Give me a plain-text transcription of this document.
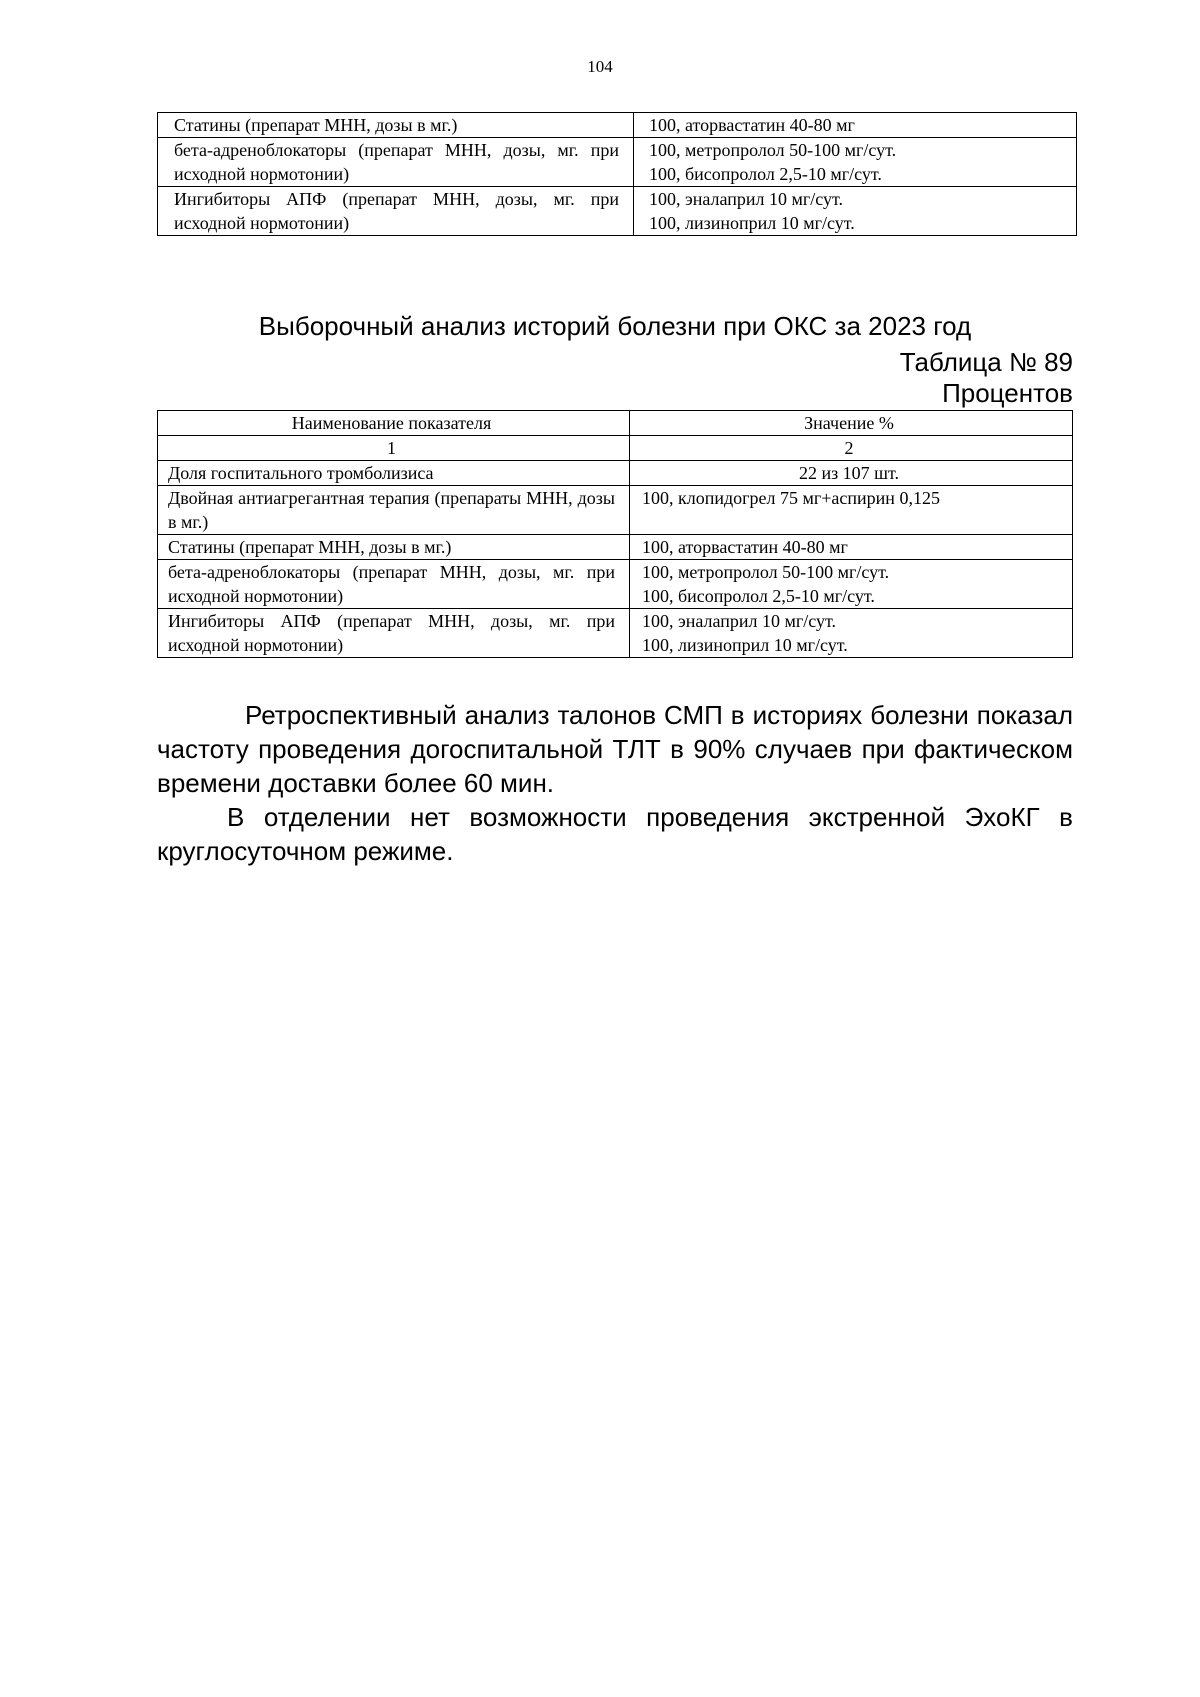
104
Статины (препарат МНН, дозы в мг.)	100, аторвастатин 40-80 мг

бета-адреноблокаторы (препарат МНН, дозы, мг. при исходной нормотонии)	100, метропролол 50-100 мг/сут.
100, бисопролол 2,5-10 мг/сут.

Ингибиторы АПФ (препарат МНН, дозы, мг. при исходной нормотонии)	100, эналаприл 10 мг/сут.
100, лизиноприл 10 мг/сут.
Выборочный анализ историй болезни при ОКС за 2023 год
Таблица № 89
Процентов
Наименование показателя	Значение %
1	2
Доля госпитального тромболизиса	22 из 107 шт.

Двойная антиагрегантная терапия (препараты МНН, дозы в мг.)	100, клопидогрел 75 мг+аспирин 0,125

Статины (препарат МНН, дозы в мг.)	100, аторвастатин 40-80 мг

бета-адреноблокаторы (препарат МНН, дозы, мг. при исходной нормотонии)	100, метропролол 50-100 мг/сут.
100, бисопролол 2,5-10 мг/сут.

Ингибиторы АПФ (препарат МНН, дозы, мг. при исходной нормотонии)	100, эналаприл 10 мг/сут.
100, лизиноприл 10 мг/сут.

Ретроспективный анализ талонов СМП в историях болезни показал частоту проведения догоспитальной ТЛТ в 90% случаев при фактическом времени доставки более 60 мин.

В отделении нет возможности проведения экстренной ЭхоКГ в круглосуточном режиме.
